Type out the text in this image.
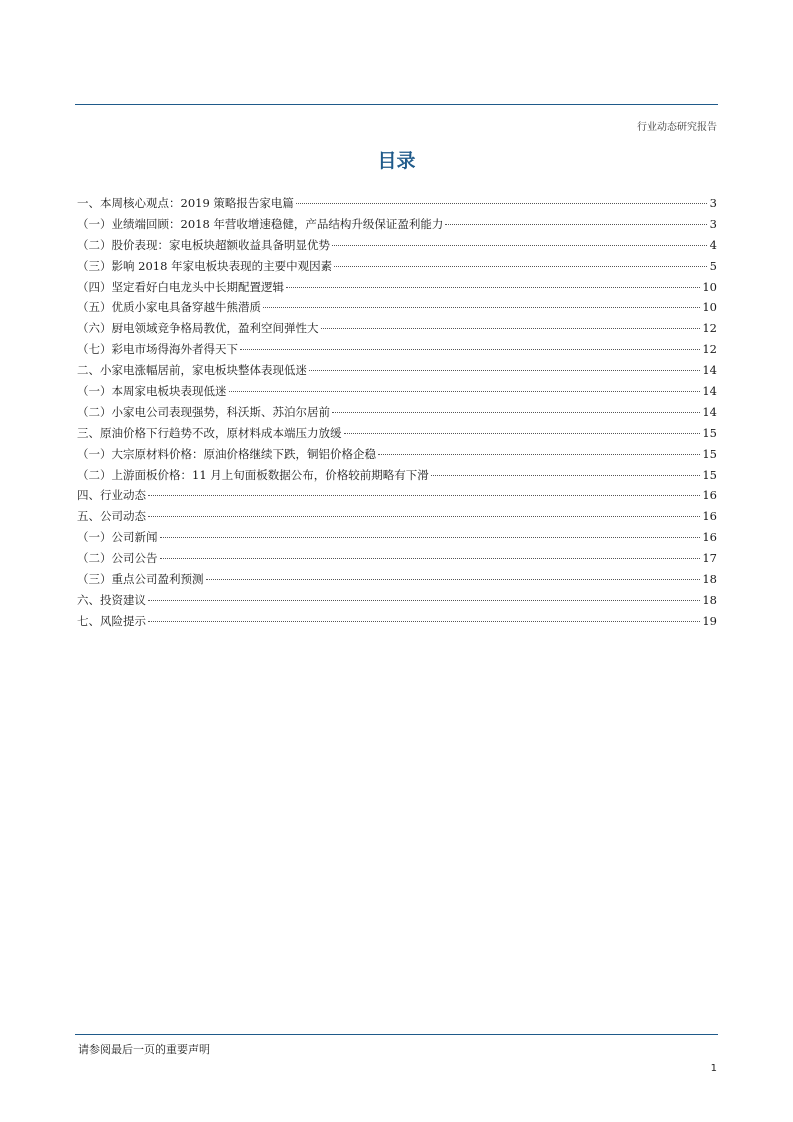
行业动态研究报告
目录
一、本周核心观点：2019 策略报告家电篇	3
（一）业绩端回顾：2018 年营收增速稳健，产品结构升级保证盈利能力	3
（二）股价表现：家电板块超额收益具备明显优势	4
（三）影响 2018 年家电板块表现的主要中观因素	5
（四）坚定看好白电龙头中长期配置逻辑	10
（五）优质小家电具备穿越牛熊潜质	10
（六）厨电领域竞争格局教优，盈利空间弹性大	12
（七）彩电市场得海外者得天下	12
二、小家电涨幅居前，家电板块整体表现低迷	14
（一）本周家电板块表现低迷	14
（二）小家电公司表现强势，科沃斯、苏泊尔居前	14
三、原油价格下行趋势不改，原材料成本端压力放缓	15
（一）大宗原材料价格：原油价格继续下跌，铜铝价格企稳	15
（二）上游面板价格：11 月上旬面板数据公布，价格较前期略有下滑	15
四、行业动态	16
五、公司动态	16
（一）公司新闻	16
（二）公司公告	17
（三）重点公司盈利预测	18
六、投资建议	18
七、风险提示	19
请参阅最后一页的重要声明
1
